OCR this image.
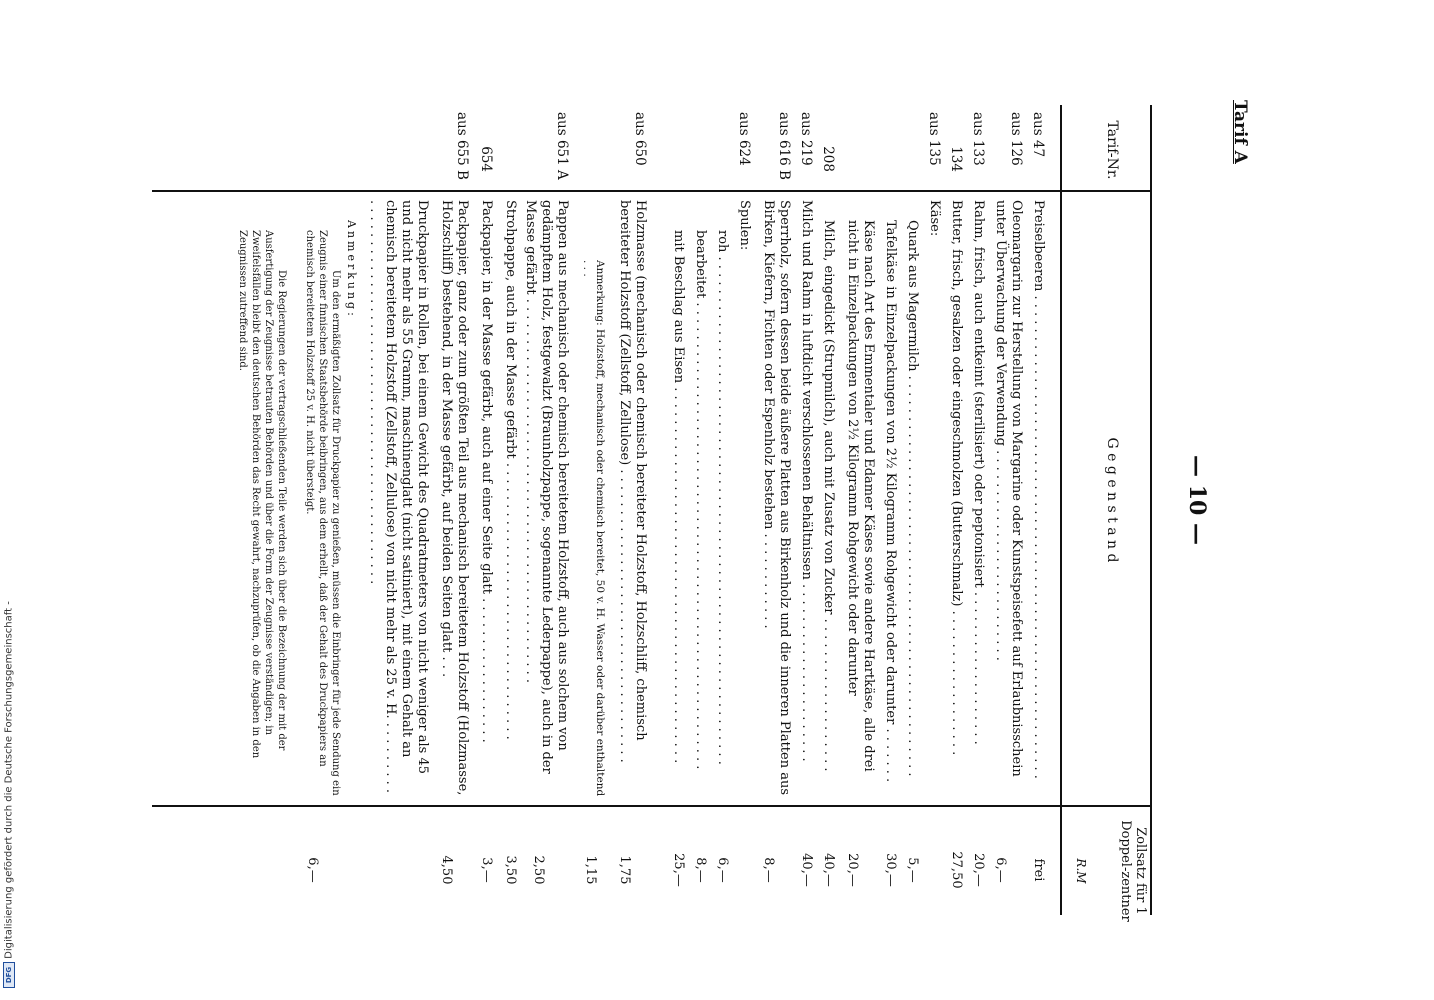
Digitalisierung gefördert durch die Deutsche Forschungsgemeinschaft -
DFG
— 10 —
Tarif A
Tarif-Nr.
G e g e n s t a n d
Zollsatz für 1 Doppel-zentner
R.M
aus 47
Preiselbeeren . . . . . . . . . . . . . . . . . . . . . . . . . . . . . . . . . . . . . . . . . . . . . . . . . . . . . . . . . . .
frei
aus 126
Oleomargarin zur Herstellung von Margarine oder Kunstspeisefett auf Erlaubnisschein unter Überwachung der Verwendung . . . . . . . . . . . . . . . . . . . . . . . . . .
6,—
aus 133
Rahm, frisch, auch entkeimt (sterilisiert) oder peptonisiert . . . . . . . . . . . . . . . . . . .
20,—
134
Butter, frisch, gesalzen oder eingeschmolzen (Butterschmalz) . . . . . . . . . . . . . . . . . .
27,50
aus 135
Käse:
Quark aus Magermilch . . . . . . . . . . . . . . . . . . . . . . . . . . . . . . . . . . . . . . . . . . . . . . . . .
5,—
Tafelkäse in Einzelpackungen von 2½ Kilogramm Rohgewicht oder darunter . . . . . . .
30,—
Käse nach Art des Emmentaler und Edamer Käses sowie andere Hartkäse, alle drei nicht in Einzelpackungen von 2½ Kilogramm Rohgewicht oder darunter
20,—
208
Milch, eingedickt (Strupmilch), auch mit Zusatz von Zucker . . . . . . . . . . . . . . . . . . .
40,—
aus 219
Milch und Rahm in luftdicht verschlossenen Behältnissen . . . . . . . . . . . . . . . . . . . . . .
40,—
aus 616 B
Sperrholz, sofern dessen beide äußere Platten aus Birkenholz und die inneren Platten aus Birken, Kiefern, Fichten oder Espenholz bestehen . . . . . . . . . . . .
8,—
aus 624
Spulen:
roh . . . . . . . . . . . . . . . . . . . . . . . . . . . . . . . . . . . . . . . . . . . . . . . . . . . . . . . . . . . . . .
6,—
bearbeitet . . . . . . . . . . . . . . . . . . . . . . . . . . . . . . . . . . . . . . . . . . . . . . . . . . . . . . . . .
8,—
mit Beschlag aus Eisen . . . . . . . . . . . . . . . . . . . . . . . . . . . . . . . . . . . . . . . . . . . . . .
25,—
aus 650
Holzmasse (mechanisch oder chemisch bereiteter Holzstoff, Holzschliff, chemisch bereiteter Holzstoff (Zellstoff, Zellulose) . . . . . . . . . . . . . . . . . . . . . . . . . . . . . . . . . . . .
1,75
Anmerkung: Holzstoff, mechanisch oder chemisch bereitet, 50 v. H. Wasser oder darüber enthaltend . . .
1,15
aus 651 A
Pappen aus mechanisch oder chemisch bereitetem Holzstoff, auch aus solchem von gedämpftem Holz, festgewalzt (Braunholzpappe, sogenannte Lederpappe), auch in der Masse gefärbt . . . . . . . . . . . . . . . . . . . . . . . . . . . . . . . . . . . . . . . . . . . . . . .
2,50
Strohpappe, auch in der Masse gefärbt . . . . . . . . . . . . . . . . . . . . . . . . . . . . . . . . . .
3,50
654
Packpapier, in der Masse gefärbt, auch auf einer Seite glatt . . . . . . . . . . . . . . . . . .
3,—
aus 655 B
Packpapier, ganz oder zum größten Teil aus mechanisch bereitetem Holzstoff (Holzmasse, Holzschliff) bestehend, in der Masse gefärbt, auf beiden Seiten glatt . . .
4,50
Druckpapier in Rollen, bei einem Gewicht des Quadratmeters von nicht weniger als 45 und nicht mehr als 55 Gramm, maschinenglatt (nicht satiniert), mit einem Gehalt an chemisch bereitetem Holzstoff (Zellstoff, Zellulose) von nicht mehr als 25 v. H. . . . . . . . . . . . . . . . . . . . . . . . . . . . . . . . . . . . . . . . . . . . . . . . . . . . . . . . .
6,—
Anmerkung:
Um den ermäßigten Zollsatz für Druckpapier zu genießen, müssen die Einbringer für jede Sendung ein Zeugnis einer finnischen Staatsbehörde beibringen, aus dem erhellt, daß der Gehalt des Druckpapiers an chemisch bereitetem Holzstoff 25 v. H. nicht übersteigt.
Die Regierungen der vertragschließenden Teile werden sich über die Bezeichnung der mit der Ausfertigung der Zeugnisse betrauten Behörden und über die Form der Zeugnisse verständigen; in Zweifelsfällen bleibt den deutschen Behörden das Recht gewahrt, nachzuprüfen, ob die Angaben in den Zeugnissen zutreffend sind.
